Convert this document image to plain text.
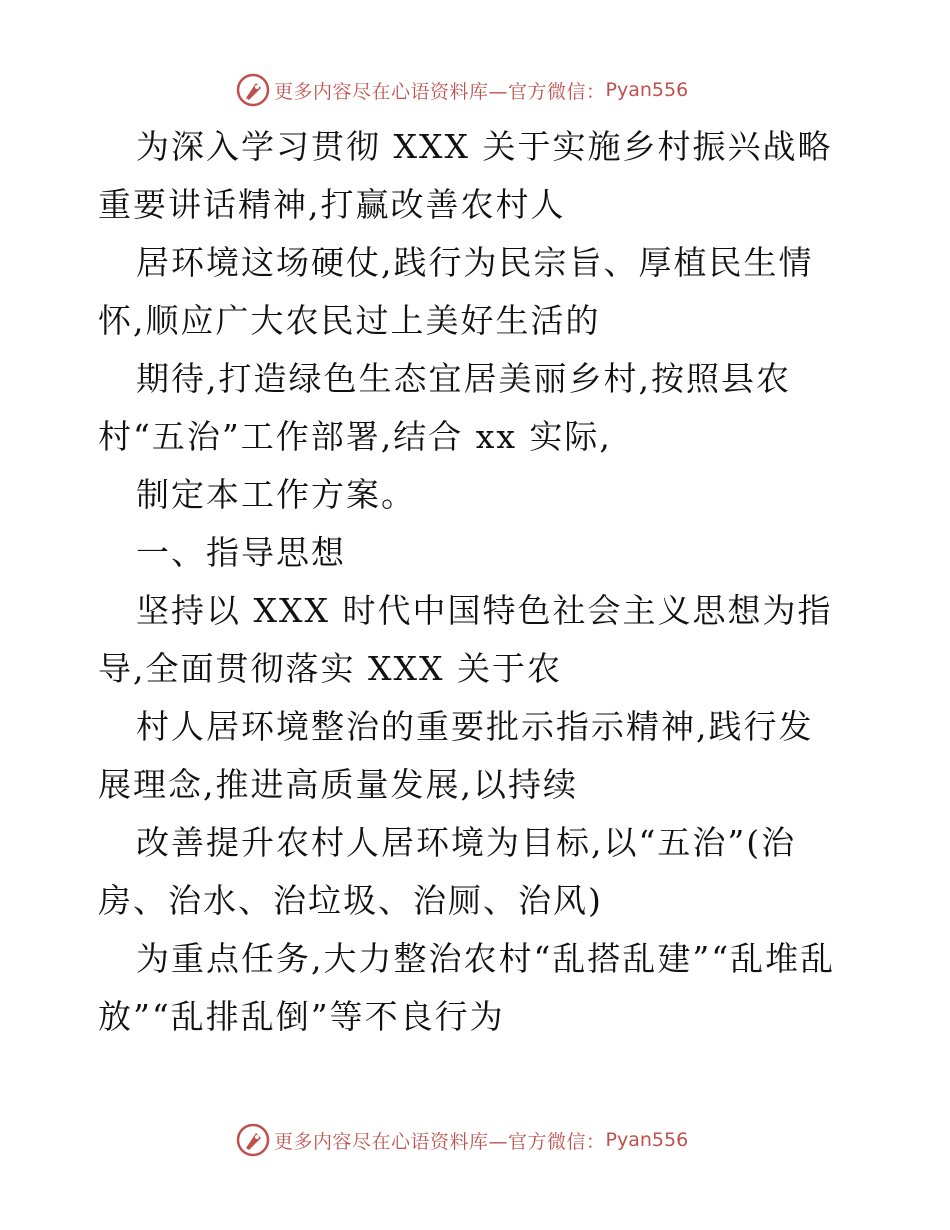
更多内容尽在心语资料库—官方微信： Pyan556

为深入学习贯彻 XXX 关于实施乡村振兴战略重要讲话精神,打赢改善农村人

居环境这场硬仗,践行为民宗旨、厚植民生情怀,顺应广大农民过上美好生活的

期待,打造绿色生态宜居美丽乡村,按照县农村“五治”工作部署,结合 xx 实际,

制定本工作方案。

一、指导思想

坚持以 XXX 时代中国特色社会主义思想为指导,全面贯彻落实 XXX 关于农

村人居环境整治的重要批示指示精神,践行发展理念,推进高质量发展,以持续

改善提升农村人居环境为目标,以“五治”(治房、治水、治垃圾、治厕、治风)

为重点任务,大力整治农村“乱搭乱建”“乱堆乱放”“乱排乱倒”等不良行为

更多内容尽在心语资料库—官方微信： Pyan556
